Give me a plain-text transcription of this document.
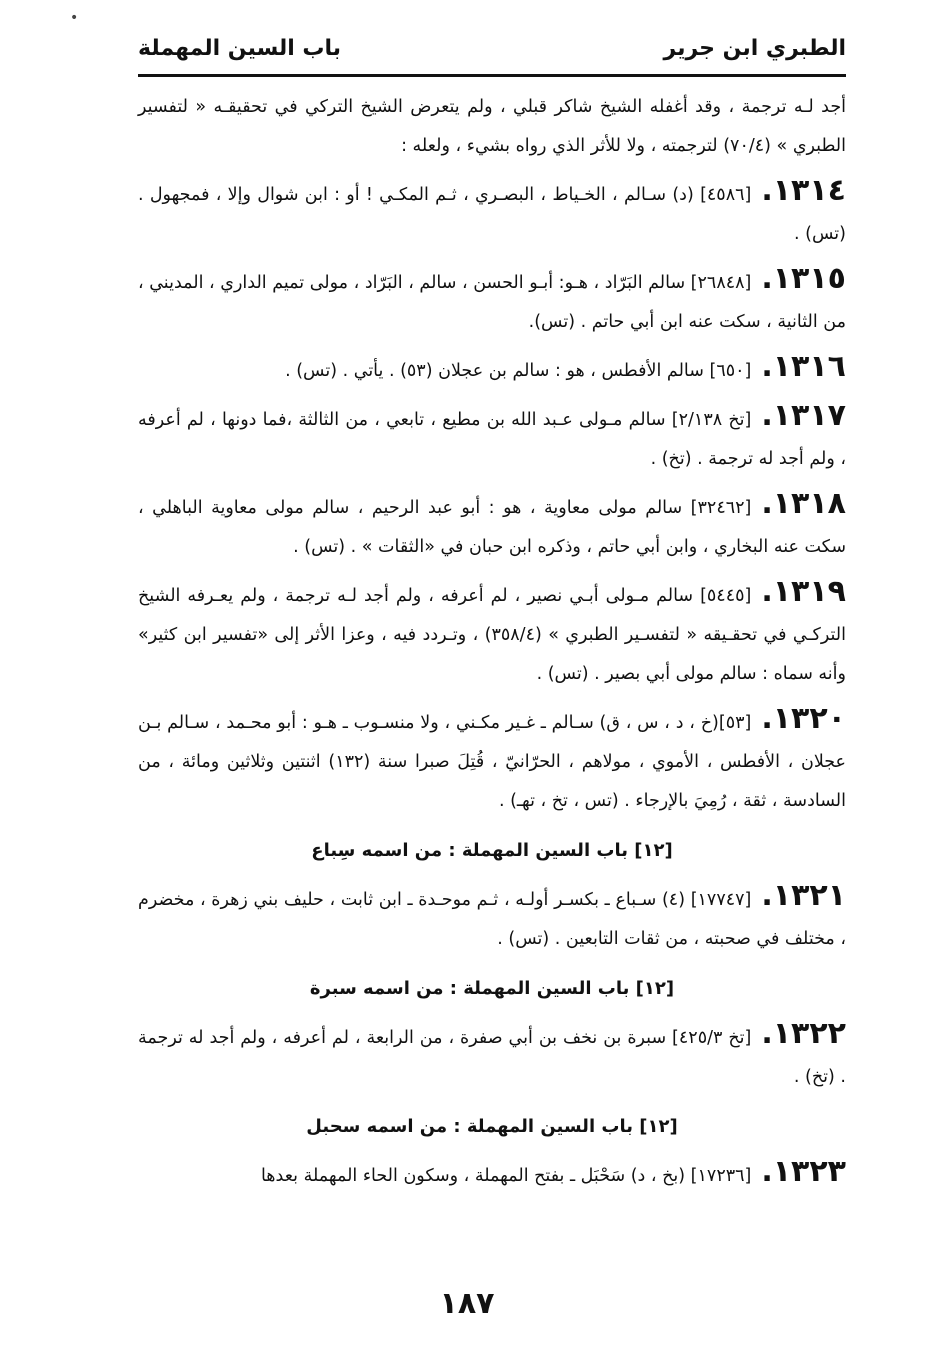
•
الطبري ابن جرير
باب السين المهملة

أجد لـه ترجمة ، وقد أغفله الشيخ شاكر قبلي ، ولم يتعرض الشيخ التركي في تحقيقـه « لتفسير الطبري » (٧٠/٤) لترجمته ، ولا للأثر الذي رواه بشيء ، ولعله :

١٣١٤.[٤٥٨٦] (د) سـالم ، الخـياط ، البصـري ، ثـم المكـي ! أو : ابن شوال وإلا ، فمجهول . (تس) .

١٣١٥.[٢٦٨٤٨] سالم البَرّاد ، هـو: أبـو الحسن ، سالم ، البَرّاد ، مولى تميم الداري ، المديني ، من الثانية ، سكت عنه ابن أبي حاتم . (تس).

١٣١٦.[٦٥٠] سالم الأفطس ، هو : سالم بن عجلان (٥٣) . يأتي . (تس) .

١٣١٧.[تخ ٢/١٣٨] سالم مـولى عـبد الله بن مطيع ، تابعي ، من الثالثة ،فما دونها ، لم أعرفه ، ولم أجد له ترجمة . (تخ) .

١٣١٨.[٣٢٤٦٢] سالم مولى معاوية ، هو : أبو عبد الرحيم ، سالم مولى معاوية الباهلي ، سكت عنه البخاري ، وابن أبي حاتم ، وذكره ابن حبان في «الثقات » . (تس) .

١٣١٩.[٥٤٤٥] سالم مـولى أبـي نصير ، لم أعرفه ، ولم أجد لـه ترجمة ، ولم يعـرفه الشيخ التركـي في تحقـيقه « لتفسـير الطبري » (٣٥٨/٤) ، وتـردد فيه ، وعزا الأثر إلى «تفسير ابن كثير» وأنه سماه : سالم مولى أبي بصير . (تس) .

١٣٢٠.[٥٣](خ ، د ، س ، ق) سـالم ـ غـير مكـني ، ولا منسـوب ـ هـو : أبو محـمد ، سـالم بـن عجلان ، الأفطس ، الأموي ، مولاهم ، الحرّانيّ ، قُتِلَ صبرا سنة (١٣٢) اثنتين وثلاثين ومائة ، من السادسة ، ثقة ، رُمِيَ بالإرجاء . (تس ، تخ ، تهـ) .

[١٢] باب السين المهملة : من اسمه سِباع

١٣٢١.[١٧٧٤٧] (٤) سـباع ـ بكسـر أولـه ، ثـم موحـدة ـ ابن ثابت ، حليف بني زهرة ، مخضرم ، مختلف في صحبته ، من ثقات التابعين . (تس) .

[١٢] باب السين المهملة : من اسمه سبرة

١٣٢٢.[تخ ٤٢٥/٣] سبرة بن نخف بن أبي صفرة ، من الرابعة ، لم أعرفه ، ولم أجد له ترجمة . (تخ) .

[١٢] باب السين المهملة : من اسمه سحبل

١٣٢٣.[١٧٢٣٦] (بخ ، د) سَحْبَل ـ بفتح المهملة ، وسكون الحاء المهملة بعدها

١٨٧
